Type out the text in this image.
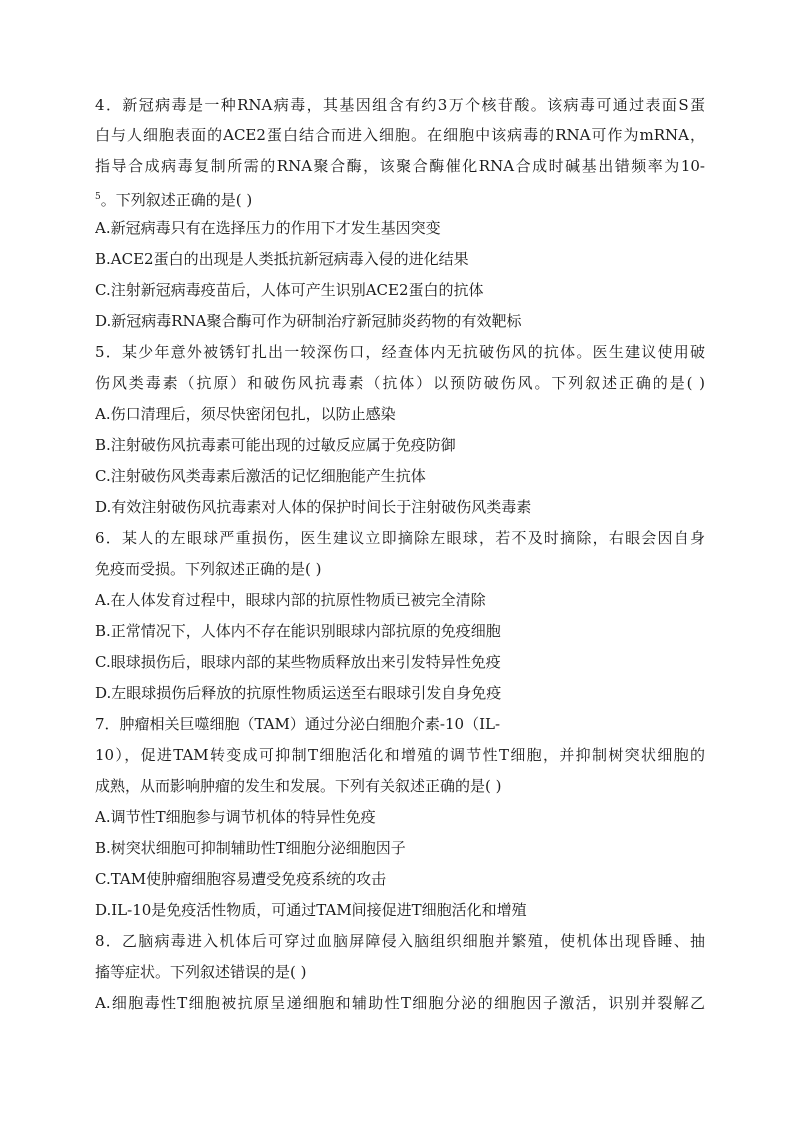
4．新冠病毒是一种RNA病毒，其基因组含有约3万个核苷酸。该病毒可通过表面S蛋
白与人细胞表面的ACE2蛋白结合而进入细胞。在细胞中该病毒的RNA可作为mRNA，
指导合成病毒复制所需的RNA聚合酶，该聚合酶催化RNA合成时碱基出错频率为10-
$^5$。下列叙述正确的是( )
A.新冠病毒只有在选择压力的作用下才发生基因突变
B.ACE2蛋白的出现是人类抵抗新冠病毒入侵的进化结果
C.注射新冠病毒疫苗后，人体可产生识别ACE2蛋白的抗体
D.新冠病毒RNA聚合酶可作为研制治疗新冠肺炎药物的有效靶标
5．某少年意外被锈钉扎出一较深伤口，经查体内无抗破伤风的抗体。医生建议使用破
伤风类毒素（抗原）和破伤风抗毒素（抗体）以预防破伤风。下列叙述正确的是( )
A.伤口清理后，须尽快密闭包扎，以防止感染
B.注射破伤风抗毒素可能出现的过敏反应属于免疫防御
C.注射破伤风类毒素后激活的记忆细胞能产生抗体
D.有效注射破伤风抗毒素对人体的保护时间长于注射破伤风类毒素
6．某人的左眼球严重损伤，医生建议立即摘除左眼球，若不及时摘除，右眼会因自身
免疫而受损。下列叙述正确的是( )
A.在人体发育过程中，眼球内部的抗原性物质已被完全清除
B.正常情况下，人体内不存在能识别眼球内部抗原的免疫细胞
C.眼球损伤后，眼球内部的某些物质释放出来引发特异性免疫
D.左眼球损伤后释放的抗原性物质运送至右眼球引发自身免疫
7．肿瘤相关巨噬细胞（TAM）通过分泌白细胞介素-10（IL-
10），促进TAM转变成可抑制T细胞活化和增殖的调节性T细胞，并抑制树突状细胞的
成熟，从而影响肿瘤的发生和发展。下列有关叙述正确的是( )
A.调节性T细胞参与调节机体的特异性免疫
B.树突状细胞可抑制辅助性T细胞分泌细胞因子
C.TAM使肿瘤细胞容易遭受免疫系统的攻击
D.IL-10是免疫活性物质，可通过TAM间接促进T细胞活化和增殖
8．乙脑病毒进入机体后可穿过血脑屏障侵入脑组织细胞并繁殖，使机体出现昏睡、抽
搐等症状。下列叙述错误的是( )
A.细胞毒性T细胞被抗原呈递细胞和辅助性T细胞分泌的细胞因子激活，识别并裂解乙
